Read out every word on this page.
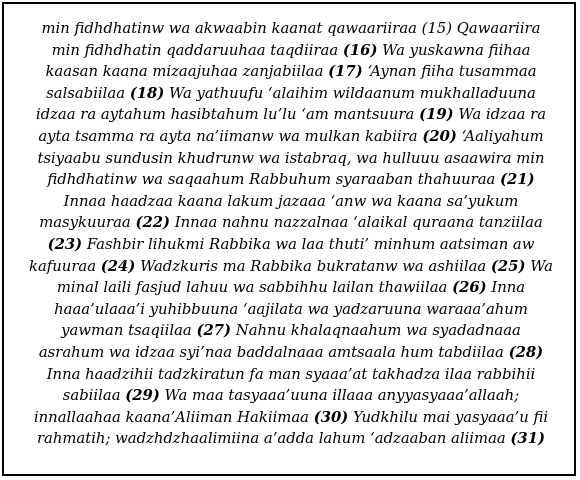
min fidhdhatinw wa akwaabin kaanat qawaariiraa (15) Qawaariira
min fidhdhatin qaddaruuhaa taqdiiraa (16) Wa yuskawna fiihaa
kaasan kaana mizaajuhaa zanjabiilaa (17) ‘Aynan fiiha tusammaa
salsabiilaa (18) Wa yathuufu ‘alaihim wildaanum mukhalladuuna
idzaa ra aytahum hasibtahum lu’lu ‘am mantsuura (19) Wa idzaa ra
ayta tsamma ra ayta na’iimanw wa mulkan kabiira (20) ‘Aaliyahum
tsiyaabu sundusin khudrunw wa istabraq, wa hulluuu asaawira min
fidhdhatinw wa saqaahum Rabbuhum syaraaban thahuuraa (21)
Innaa haadzaa kaana lakum jazaaa ‘anw wa kaana sa’yukum
masykuuraa (22) Innaa nahnu nazzalnaa ‘alaikal quraana tanziilaa
(23) Fashbir lihukmi Rabbika wa laa thuti’ minhum aatsiman aw
kafuuraa (24) Wadzkuris ma Rabbika bukratanw wa ashiilaa (25) Wa
minal laili fasjud lahuu wa sabbihhu lailan thawiilaa (26) Inna
haaa’ulaaa’i yuhibbuuna ‘aajilata wa yadzaruuna waraaa’ahum
yawman tsaqiilaa (27) Nahnu khalaqnaahum wa syadadnaaa
asrahum wa idzaa syi’naa baddalnaaa amtsaala hum tabdiilaa (28)
Inna haadzihii tadzkiratun fa man syaaa’at takhadza ilaa rabbihii
sabiilaa (29) Wa maa tasyaaa’uuna illaaa anyyasyaaa’allaah;
innallaahaa kaana’Aliiman Hakiimaa (30) Yudkhilu mai yasyaaa’u fii
rahmatih; wadzhdzhaalimiina a’adda lahum ‘adzaaban aliimaa (31)
